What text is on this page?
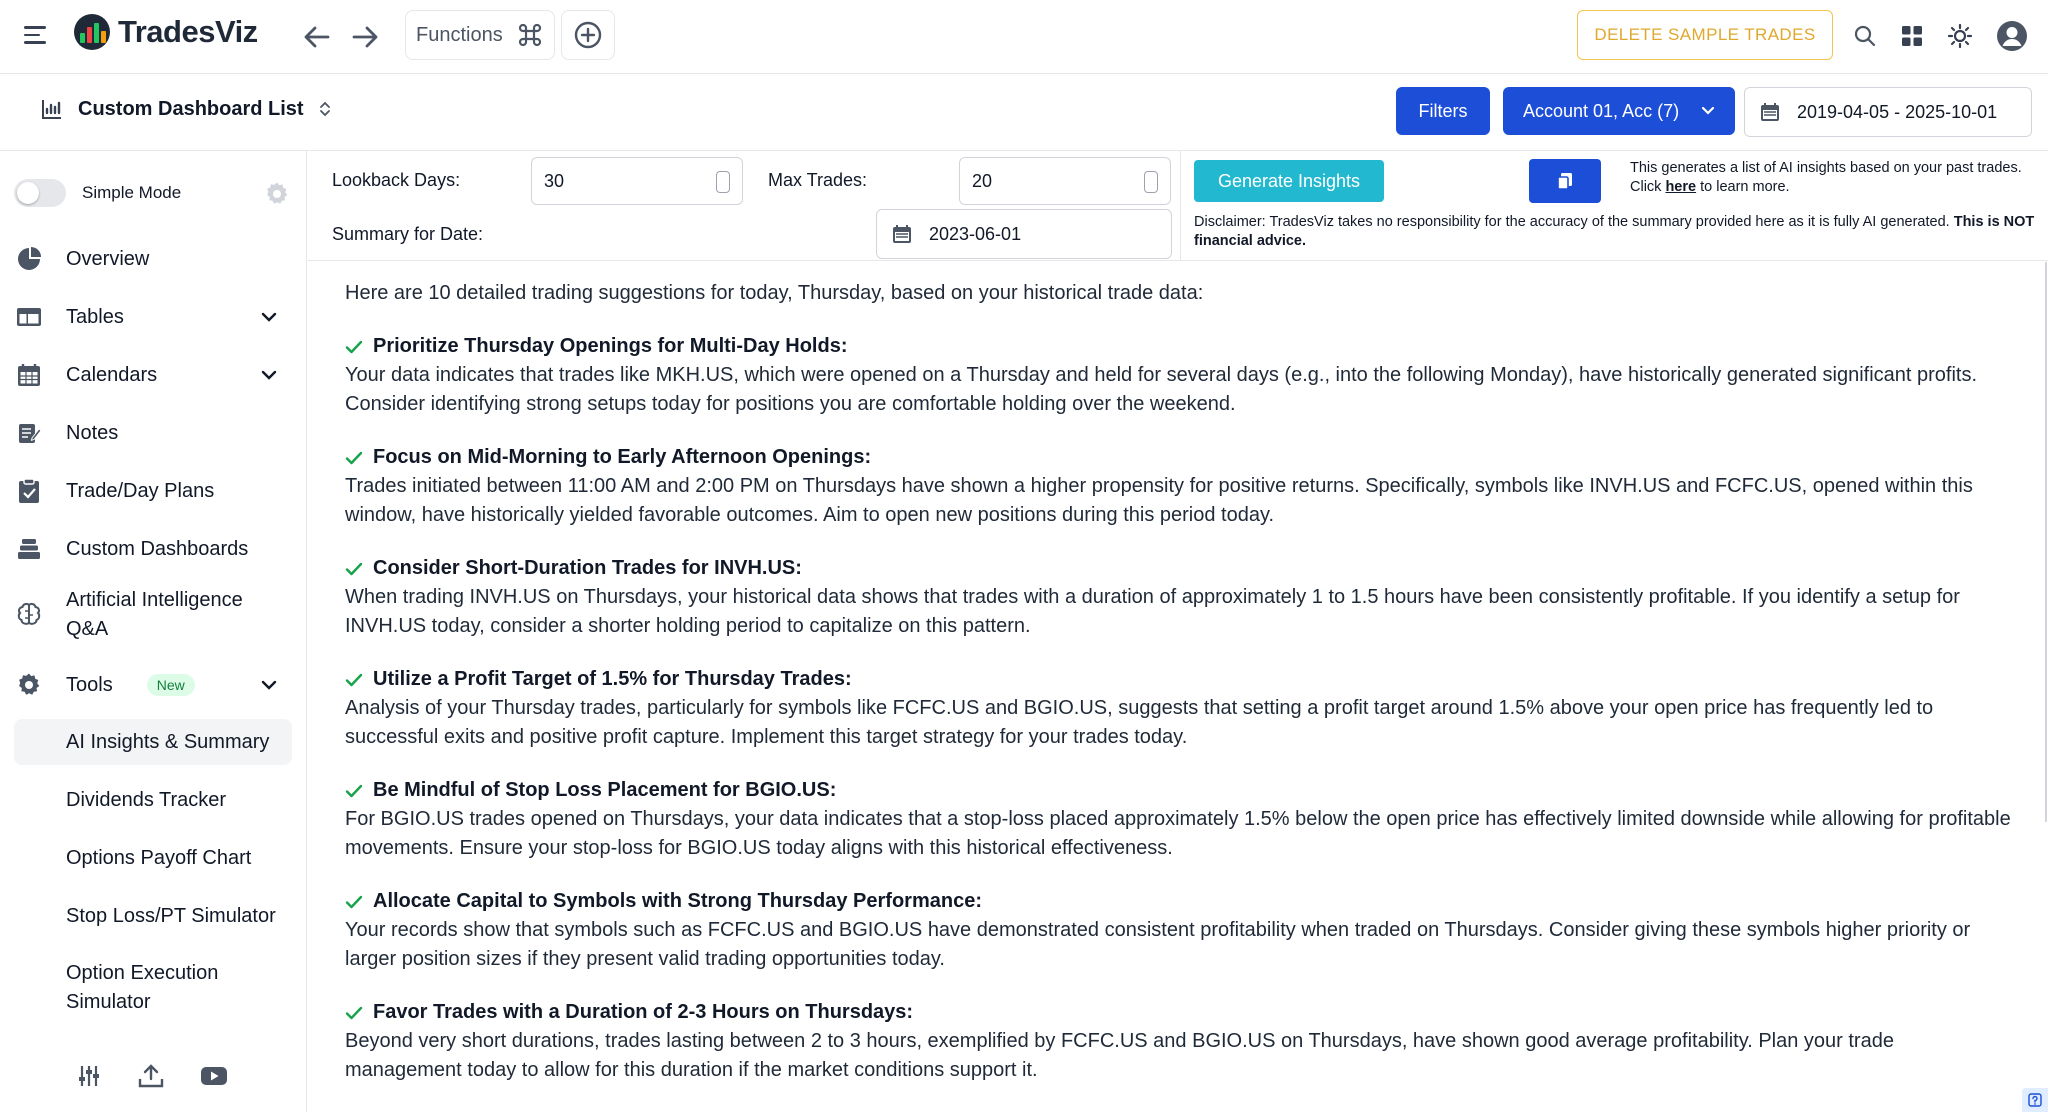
TradesViz	Functions	DELETE SAMPLE TRADES
Custom Dashboard List	Filters	Account 01, Acc (7)	2019-04-05 - 2025-10-01
Simple Mode
Overview
Tables
Calendars
Notes
Trade/Day Plans
Custom Dashboards
Artificial Intelligence Q&A
Tools	New
AI Insights & Summary
Dividends Tracker
Options Payoff Chart
Stop Loss/PT Simulator
Option Execution Simulator
Lookback Days:	30	Max Trades:	20
Summary for Date:	2023-06-01
Generate Insights
This generates a list of AI insights based on your past trades.
Click here to learn more.
Disclaimer: TradesViz takes no responsibility for the accuracy of the summary provided here as it is fully AI generated. This is NOT financial advice.
Here are 10 detailed trading suggestions for today, Thursday, based on your historical trade data:
Prioritize Thursday Openings for Multi-Day Holds:
Your data indicates that trades like MKH.US, which were opened on a Thursday and held for several days (e.g., into the following Monday), have historically generated significant profits. Consider identifying strong setups today for positions you are comfortable holding over the weekend.
Focus on Mid-Morning to Early Afternoon Openings:
Trades initiated between 11:00 AM and 2:00 PM on Thursdays have shown a higher propensity for positive returns. Specifically, symbols like INVH.US and FCFC.US, opened within this window, have historically yielded favorable outcomes. Aim to open new positions during this period today.
Consider Short-Duration Trades for INVH.US:
When trading INVH.US on Thursdays, your historical data shows that trades with a duration of approximately 1 to 1.5 hours have been consistently profitable. If you identify a setup for INVH.US today, consider a shorter holding period to capitalize on this pattern.
Utilize a Profit Target of 1.5% for Thursday Trades:
Analysis of your Thursday trades, particularly for symbols like FCFC.US and BGIO.US, suggests that setting a profit target around 1.5% above your open price has frequently led to successful exits and positive profit capture. Implement this target strategy for your trades today.
Be Mindful of Stop Loss Placement for BGIO.US:
For BGIO.US trades opened on Thursdays, your data indicates that a stop-loss placed approximately 1.5% below the open price has effectively limited downside while allowing for profitable movements. Ensure your stop-loss for BGIO.US today aligns with this historical effectiveness.
Allocate Capital to Symbols with Strong Thursday Performance:
Your records show that symbols such as FCFC.US and BGIO.US have demonstrated consistent profitability when traded on Thursdays. Consider giving these symbols higher priority or larger position sizes if they present valid trading opportunities today.
Favor Trades with a Duration of 2-3 Hours on Thursdays:
Beyond very short durations, trades lasting between 2 to 3 hours, exemplified by FCFC.US and BGIO.US on Thursdays, have shown good average profitability. Plan your trade management today to allow for this duration if the market conditions support it.
